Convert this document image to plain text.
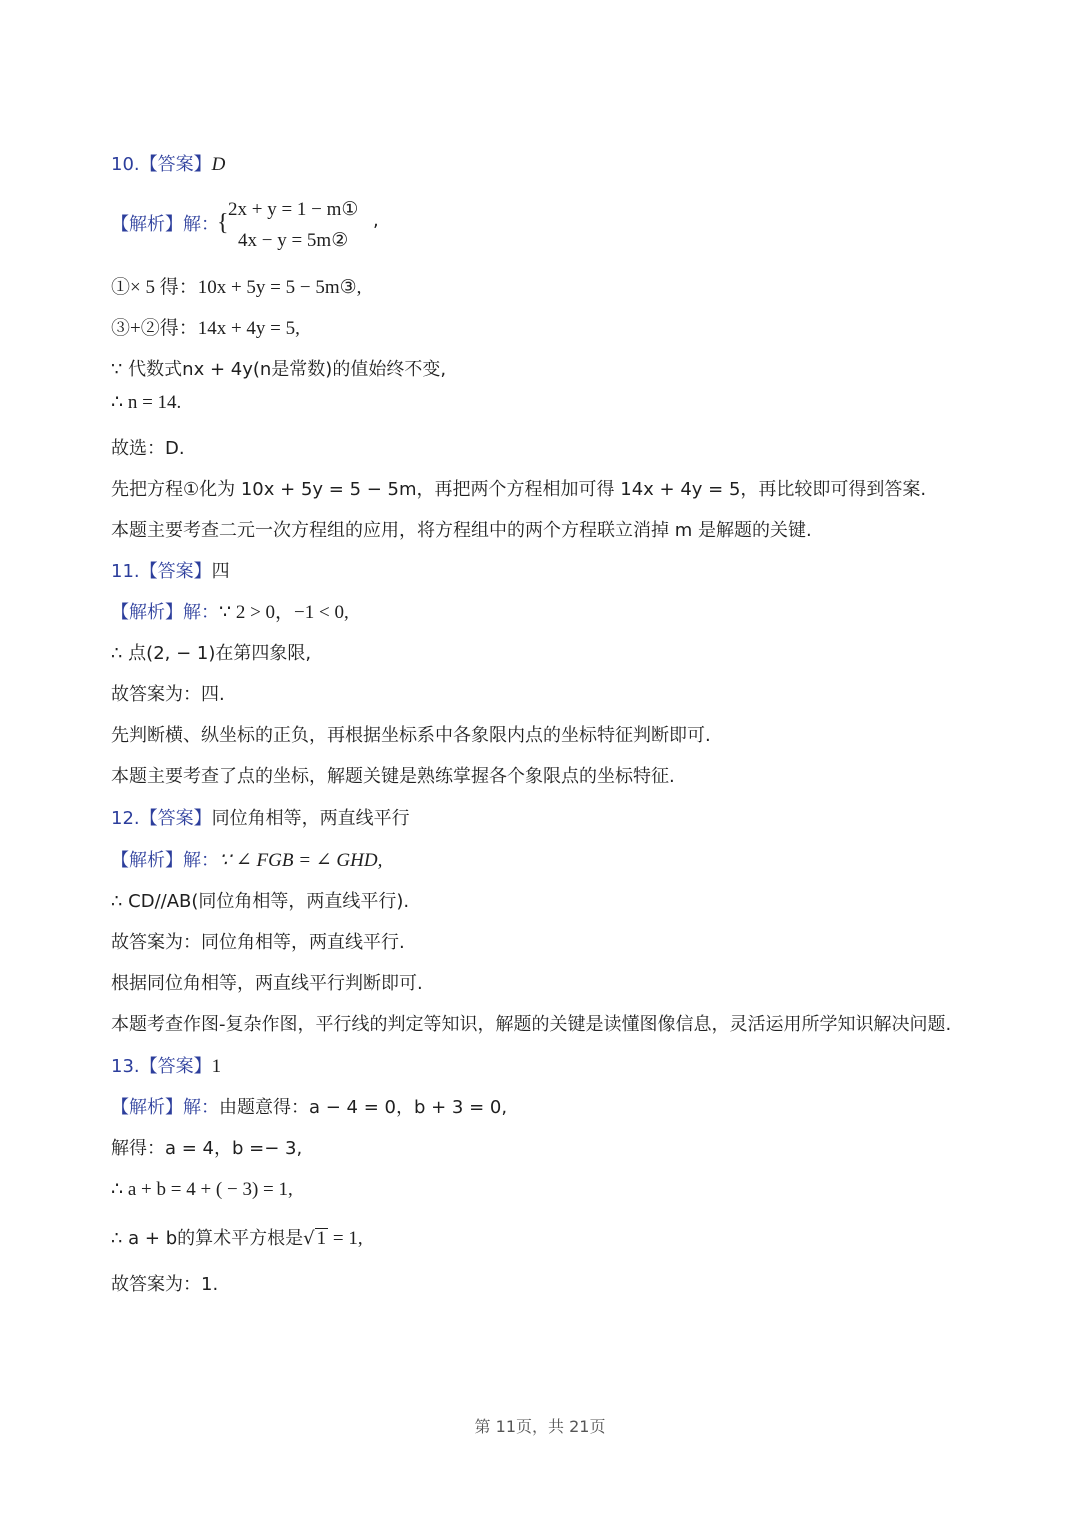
10.【答案】D
【解析】解：
{
2x + y = 1 − m①
4x − y = 5m②
,
①× 5 得：10x + 5y = 5 − 5m③,
③+②得：14x + 4y = 5,
∵ 代数式nx + 4y(n是常数)的值始终不变,
∴ n = 14.
故选：D.
先把方程①化为 10x + 5y = 5 − 5m，再把两个方程相加可得 14x + 4y = 5，再比较即可得到答案.
本题主要考查二元一次方程组的应用，将方程组中的两个方程联立消掉 m 是解题的关键.
11.【答案】四
【解析】解：∵ 2 > 0，−1 < 0,
∴ 点(2, − 1)在第四象限,
故答案为：四.
先判断横、纵坐标的正负，再根据坐标系中各象限内点的坐标特征判断即可.
本题主要考查了点的坐标，解题关键是熟练掌握各个象限点的坐标特征.
12.【答案】同位角相等，两直线平行
【解析】解：∵ ∠ FGB = ∠ GHD,
∴ CD//AB(同位角相等，两直线平行).
故答案为：同位角相等，两直线平行.
根据同位角相等，两直线平行判断即可.
本题考查作图-复杂作图，平行线的判定等知识，解题的关键是读懂图像信息，灵活运用所学知识解决问题.
13.【答案】1
【解析】解：由题意得：a − 4 = 0，b + 3 = 0,
解得：a = 4，b =− 3,
∴ a + b = 4 + ( − 3) = 1,
∴ a + b的算术平方根是√ 1 = 1,
故答案为：1.
第 11页，共 21页
